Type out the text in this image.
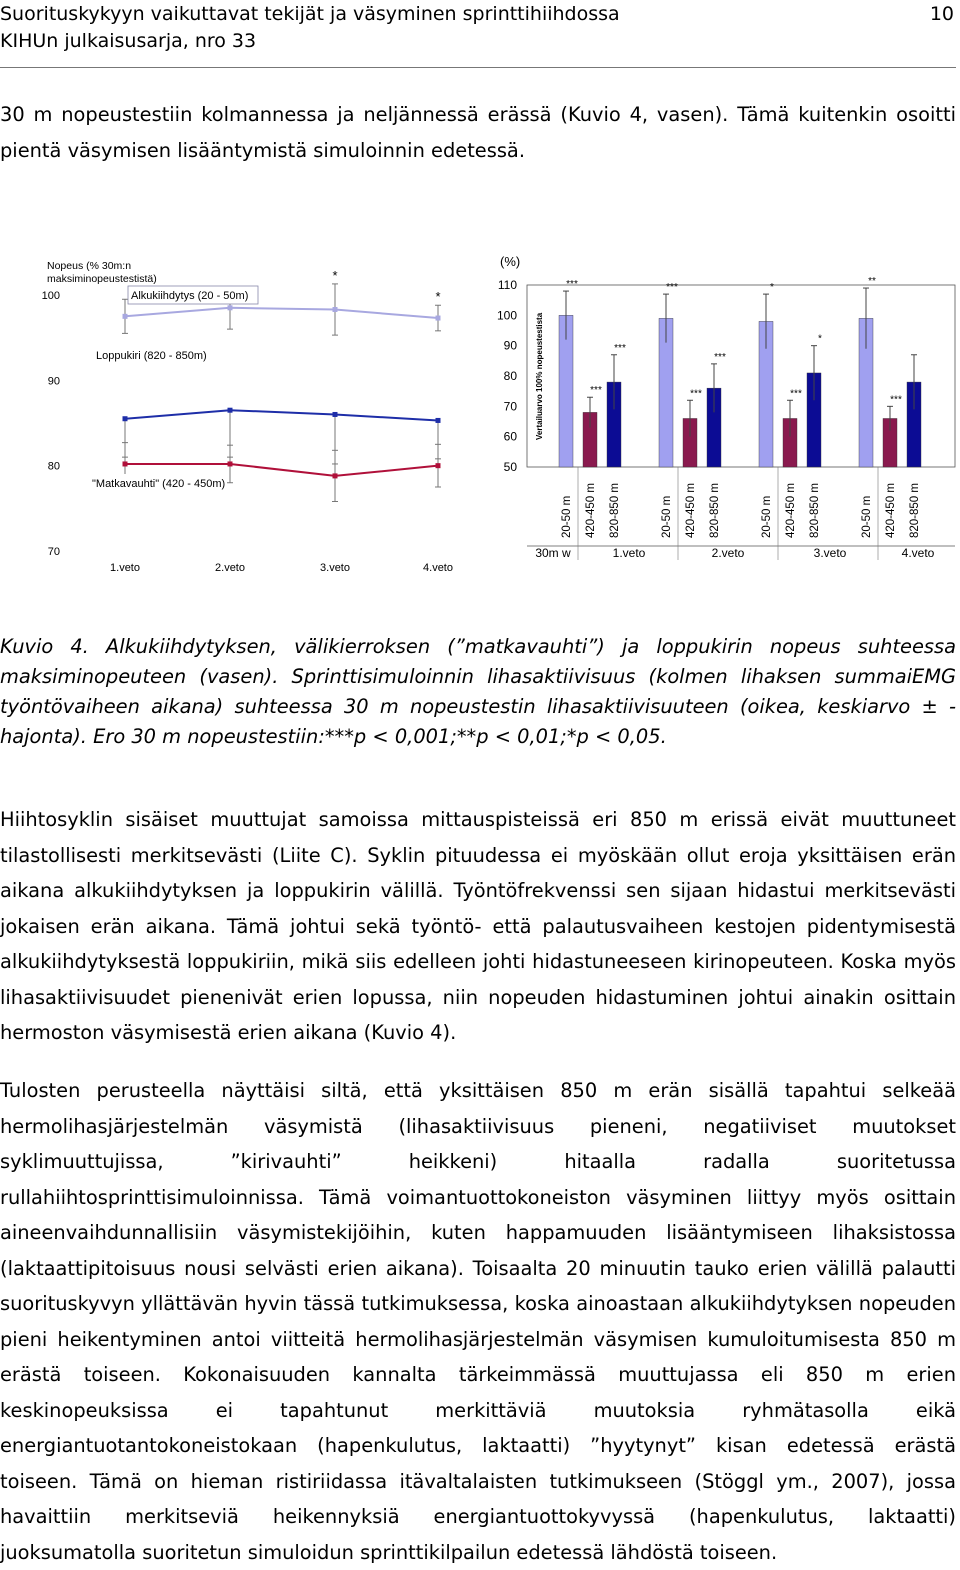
Suorituskykyyn vaikuttavat tekijät ja väsyminen sprinttihiihdossa
KIHUn julkaisusarja, nro 33
10

30 m nopeustestiin kolmannessa ja neljännessä erässä (Kuvio 4, vasen). Tämä kuitenkin osoitti pientä väsymisen lisääntymistä simuloinnin edetessä.

Nopeus (% 30m:n
maksiminopeustestistä)
100
90
80
70
1.veto	2.veto	3.veto	4.veto
*
*
Alkukiihdytys (20 - 50m)
Loppukiri (820 - 850m)
"Matkavauhti" (420 - 450m)
(%)
110
100
90
80
70
60
50
Vertailuarvo 100% nopeustestista
***
***
***
***
***
***
*
***
*
**
***
20-50 m 420-450 m 820-850 m	20-50 m 420-450 m 820-850 m	20-50 m 420-450 m 820-850 m	20-50 m 420-450 m 820-850 m
30m w	1.veto	2.veto	3.veto	4.veto

Kuvio 4. Alkukiihdytyksen, välikierroksen (”matkavauhti”) ja loppukirin nopeus suhteessa maksiminopeuteen (vasen). Sprinttisimuloinnin lihasaktiivisuus (kolmen lihaksen summaiEMG työntövaiheen aikana) suhteessa 30 m nopeustestin lihasaktiivisuuteen (oikea, keskiarvo ± -hajonta). Ero 30 m nopeustestiin:***p < 0,001;**p < 0,01;*p < 0,05.

Hiihtosyklin sisäiset muuttujat samoissa mittauspisteissä eri 850 m erissä eivät muuttuneet tilastollisesti merkitsevästi (Liite C). Syklin pituudessa ei myöskään ollut eroja yksittäisen erän aikana alkukiihdytyksen ja loppukirin välillä. Työntöfrekvenssi sen sijaan hidastui merkitsevästi jokaisen erän aikana. Tämä johtui sekä työntö- että palautusvaiheen kestojen pidentymisestä alkukiihdytyksestä loppukiriin, mikä siis edelleen johti hidastuneeseen kirinopeuteen. Koska myös lihasaktiivisuudet pienenivät erien lopussa, niin nopeuden hidastuminen johtui ainakin osittain hermoston väsymisestä erien aikana (Kuvio 4).

Tulosten perusteella näyttäisi siltä, että yksittäisen 850 m erän sisällä tapahtui selkeää hermolihasjärjestelmän väsymistä (lihasaktiivisuus pieneni, negatiiviset muutokset syklimuuttujissa, ”kirivauhti” heikkeni) hitaalla radalla suoritetussa rullahiihtosprinttisimuloinnissa. Tämä voimantuottokoneiston väsyminen liittyy myös osittain aineenvaihdunnallisiin väsymistekijöihin, kuten happamuuden lisääntymiseen lihaksistossa (laktaattipitoisuus nousi selvästi erien aikana). Toisaalta 20 minuutin tauko erien välillä palautti suorituskyvyn yllättävän hyvin tässä tutkimuksessa, koska ainoastaan alkukiihdytyksen nopeuden pieni heikentyminen antoi viitteitä hermolihasjärjestelmän väsymisen kumuloitumisesta 850 m erästä toiseen. Kokonaisuuden kannalta tärkeimmässä muuttujassa eli 850 m erien keskinopeuksissa ei tapahtunut merkittäviä muutoksia ryhmätasolla eikä energiantuotantokoneistokaan (hapenkulutus, laktaatti) ”hyytynyt” kisan edetessä erästä toiseen. Tämä on hieman ristiriidassa itävaltalaisten tutkimukseen (Stöggl ym., 2007), jossa havaittiin merkitseviä heikennyksiä energiantuottokyvyssä (hapenkulutus, laktaatti) juoksumatolla suoritetun simuloidun sprinttikilpailun edetessä lähdöstä toiseen.
